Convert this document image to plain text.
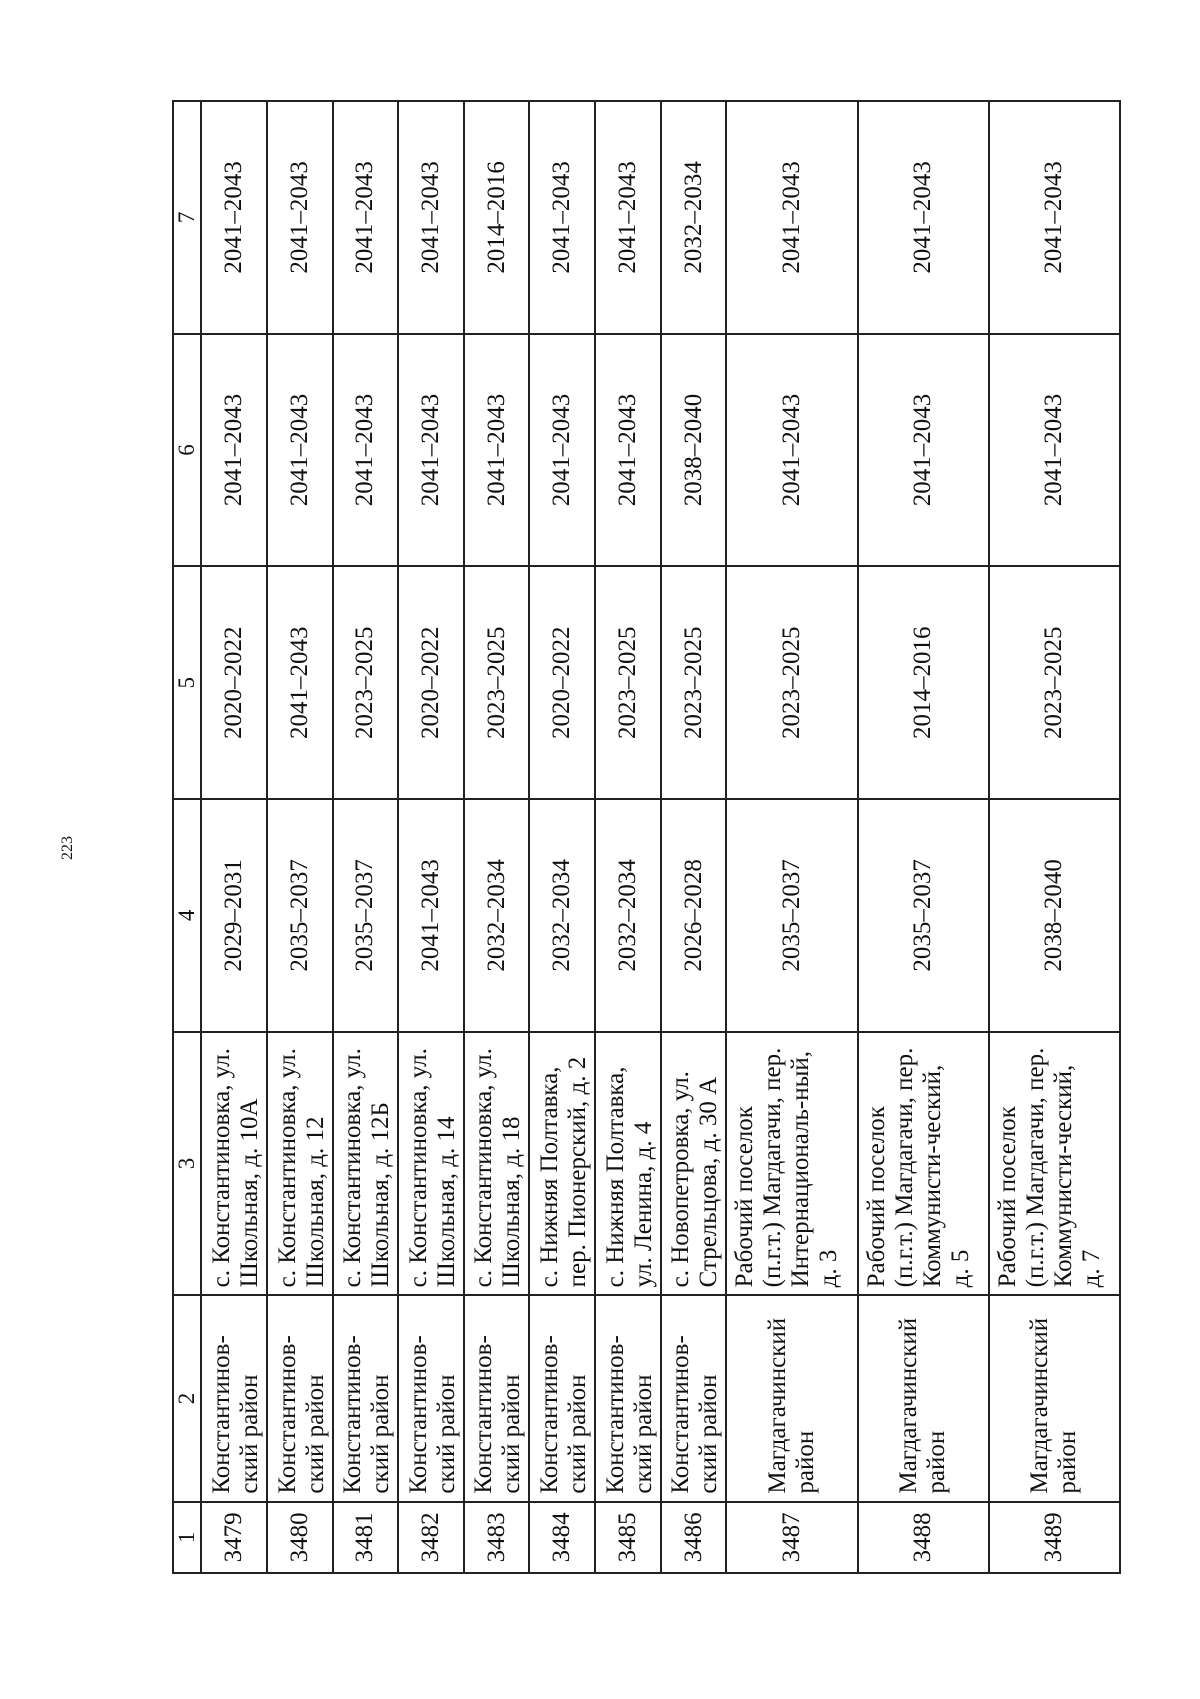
223
1	2	3	4	5	6	7
3479	Константинов-ский район	с. Константиновка, ул. Школьная, д. 10А	2029–2031	2020–2022	2041–2043	2041–2043
3480	Константинов-ский район	с. Константиновка, ул. Школьная, д. 12	2035–2037	2041–2043	2041–2043	2041–2043
3481	Константинов-ский район	с. Константиновка, ул. Школьная, д. 12Б	2035–2037	2023–2025	2041–2043	2041–2043
3482	Константинов-ский район	с. Константиновка, ул. Школьная, д. 14	2041–2043	2020–2022	2041–2043	2041–2043
3483	Константинов-ский район	с. Константиновка, ул. Школьная, д. 18	2032–2034	2023–2025	2041–2043	2014–2016
3484	Константинов-ский район	с. Нижняя Полтавка, пер. Пионерский, д. 2	2032–2034	2020–2022	2041–2043	2041–2043
3485	Константинов-ский район	с. Нижняя Полтавка, ул. Ленина, д. 4	2032–2034	2023–2025	2041–2043	2041–2043
3486	Константинов-ский район	с. Новопетровка, ул. Стрельцова, д. 30 А	2026–2028	2023–2025	2038–2040	2032–2034
3487	Магдагачинский район	Рабочий поселок (п.г.т.) Магдагачи, пер. Интернациональ-ный, д. 3	2035–2037	2023–2025	2041–2043	2041–2043
3488	Магдагачинский район	Рабочий поселок (п.г.т.) Магдагачи, пер. Коммунисти-ческий, д. 5	2035–2037	2014–2016	2041–2043	2041–2043
3489	Магдагачинский район	Рабочий поселок (п.г.т.) Магдагачи, пер. Коммунисти-ческий, д. 7	2038–2040	2023–2025	2041–2043	2041–2043
